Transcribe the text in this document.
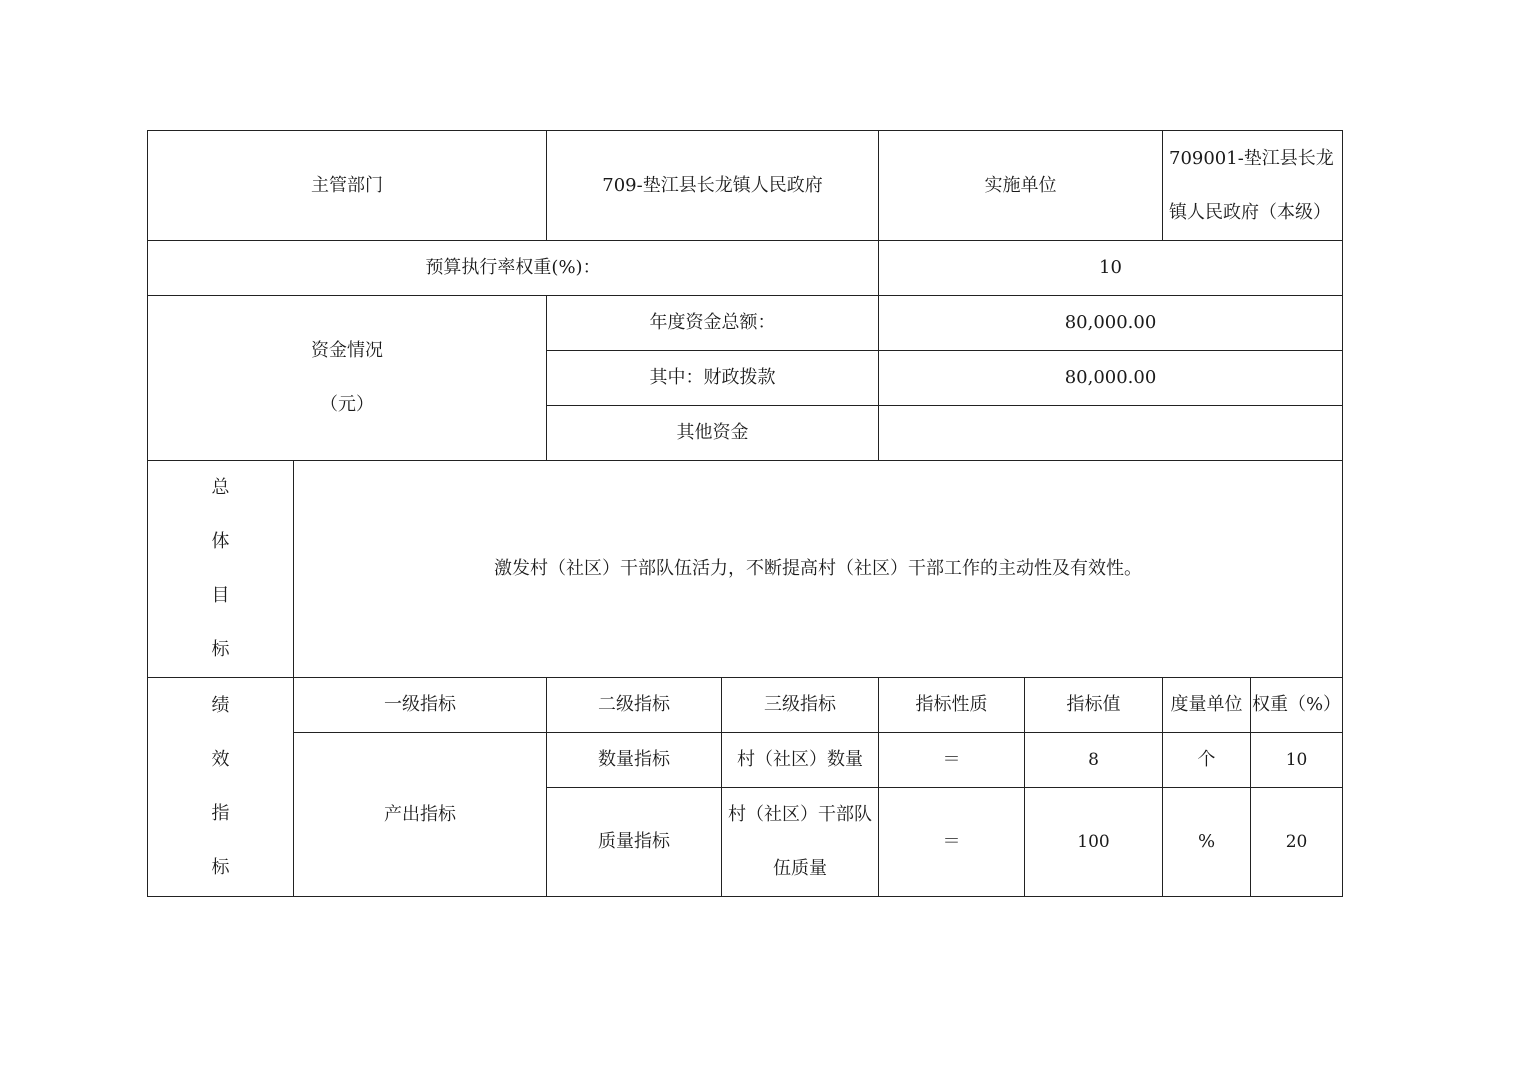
主管部门		709-垫江县长龙镇人民政府		实施单位		709001-垫江县长龙
镇人民政府（本级）	

预算执行率权重(%)：				10			

资金情况
（元）		年度资金总额：		80,000.00			
		其中：财政拨款		80,000.00			
		其他资金					

总
体
目
标	激发村（社区）干部队伍活力，不断提高村（社区）干部工作的主动性及有效性。						

绩
效
指
标	一级指标	二级指标	三级指标	指标性质	指标值	度量单位	权重（%）
	产出指标	数量指标	村（社区）数量	＝	8	个	10
		质量指标	村（社区）干部队
伍质量	＝	100	%	20
